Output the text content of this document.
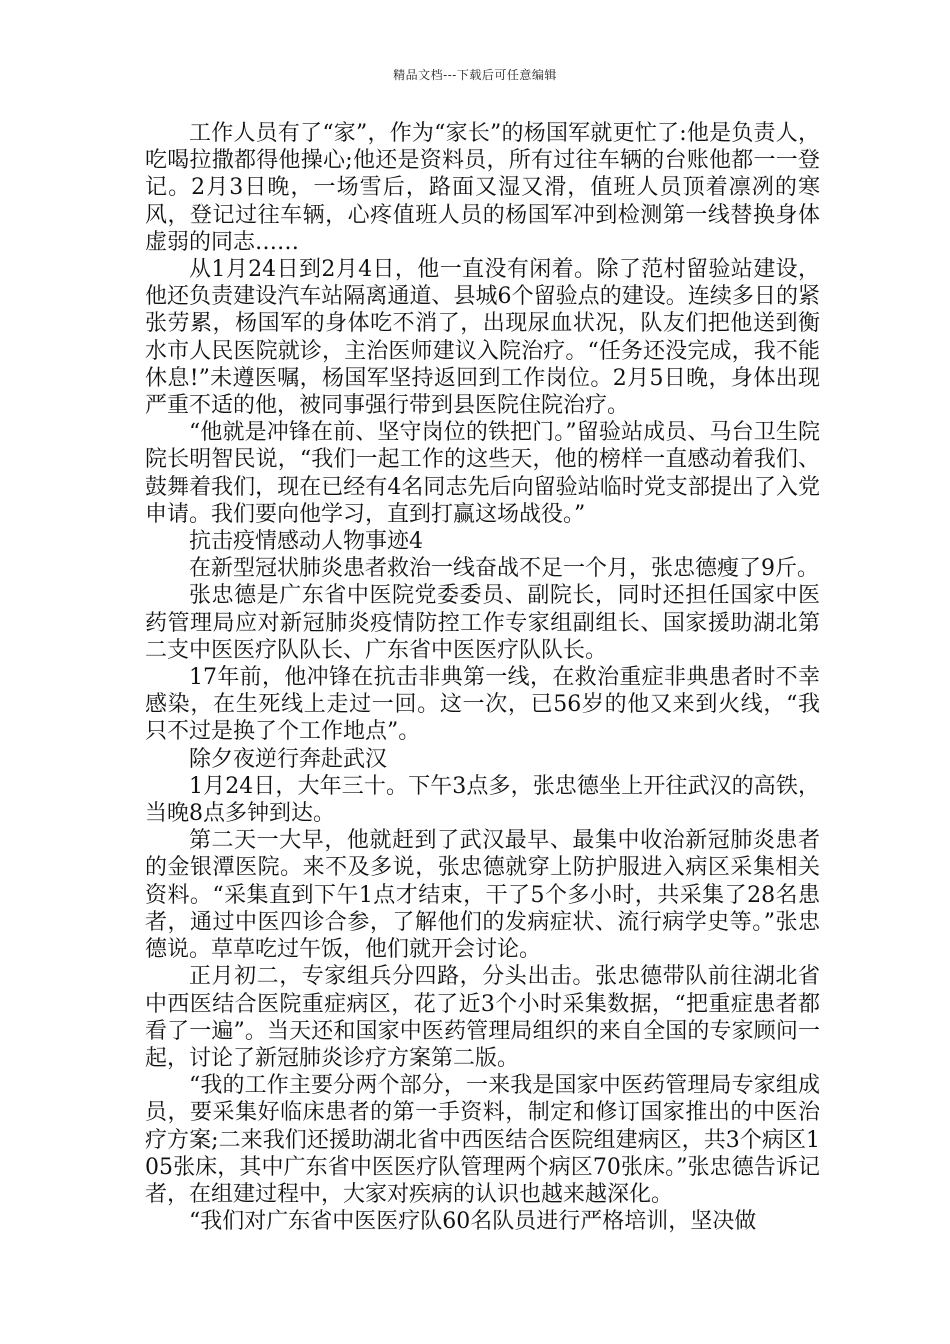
精品文档---下载后可任意编辑

工作人员有了“家”，作为“家长”的杨国军就更忙了:他是负责人，吃喝拉撒都得他操心;他还是资料员，所有过往车辆的台账他都一一登记。2月3日晚，一场雪后，路面又湿又滑，值班人员顶着凛冽的寒风，登记过往车辆，心疼值班人员的杨国军冲到检测第一线替换身体虚弱的同志……

从1月24日到2月4日，他一直没有闲着。除了范村留验站建设，他还负责建设汽车站隔离通道、县城6个留验点的建设。连续多日的紧张劳累，杨国军的身体吃不消了，出现尿血状况，队友们把他送到衡水市人民医院就诊，主治医师建议入院治疗。“任务还没完成，我不能休息!”未遵医嘱，杨国军坚持返回到工作岗位。2月5日晚，身体出现严重不适的他，被同事强行带到县医院住院治疗。

“他就是冲锋在前、坚守岗位的铁把门。”留验站成员、马台卫生院院长明智民说，“我们一起工作的这些天，他的榜样一直感动着我们、鼓舞着我们，现在已经有4名同志先后向留验站临时党支部提出了入党申请。我们要向他学习，直到打赢这场战役。”

抗击疫情感动人物事迹4

在新型冠状肺炎患者救治一线奋战不足一个月，张忠德瘦了9斤。

张忠德是广东省中医院党委委员、副院长，同时还担任国家中医药管理局应对新冠肺炎疫情防控工作专家组副组长、国家援助湖北第二支中医医疗队队长、广东省中医医疗队队长。

17年前，他冲锋在抗击非典第一线，在救治重症非典患者时不幸感染，在生死线上走过一回。这一次，已56岁的他又来到火线，“我只不过是换了个工作地点”。

除夕夜逆行奔赴武汉

1月24日，大年三十。下午3点多，张忠德坐上开往武汉的高铁，当晚8点多钟到达。

第二天一大早，他就赶到了武汉最早、最集中收治新冠肺炎患者的金银潭医院。来不及多说，张忠德就穿上防护服进入病区采集相关资料。“采集直到下午1点才结束，干了5个多小时，共采集了28名患者，通过中医四诊合参，了解他们的发病症状、流行病学史等。”张忠德说。草草吃过午饭，他们就开会讨论。

正月初二，专家组兵分四路，分头出击。张忠德带队前往湖北省中西医结合医院重症病区，花了近3个小时采集数据，“把重症患者都看了一遍”。当天还和国家中医药管理局组织的来自全国的专家顾问一起，讨论了新冠肺炎诊疗方案第二版。

“我的工作主要分两个部分，一来我是国家中医药管理局专家组成员，要采集好临床患者的第一手资料，制定和修订国家推出的中医治疗方案;二来我们还援助湖北省中西医结合医院组建病区，共3个病区105张床，其中广东省中医医疗队管理两个病区70张床。”张忠德告诉记者，在组建过程中，大家对疾病的认识也越来越深化。

“我们对广东省中医医疗队60名队员进行严格培训，坚决做
